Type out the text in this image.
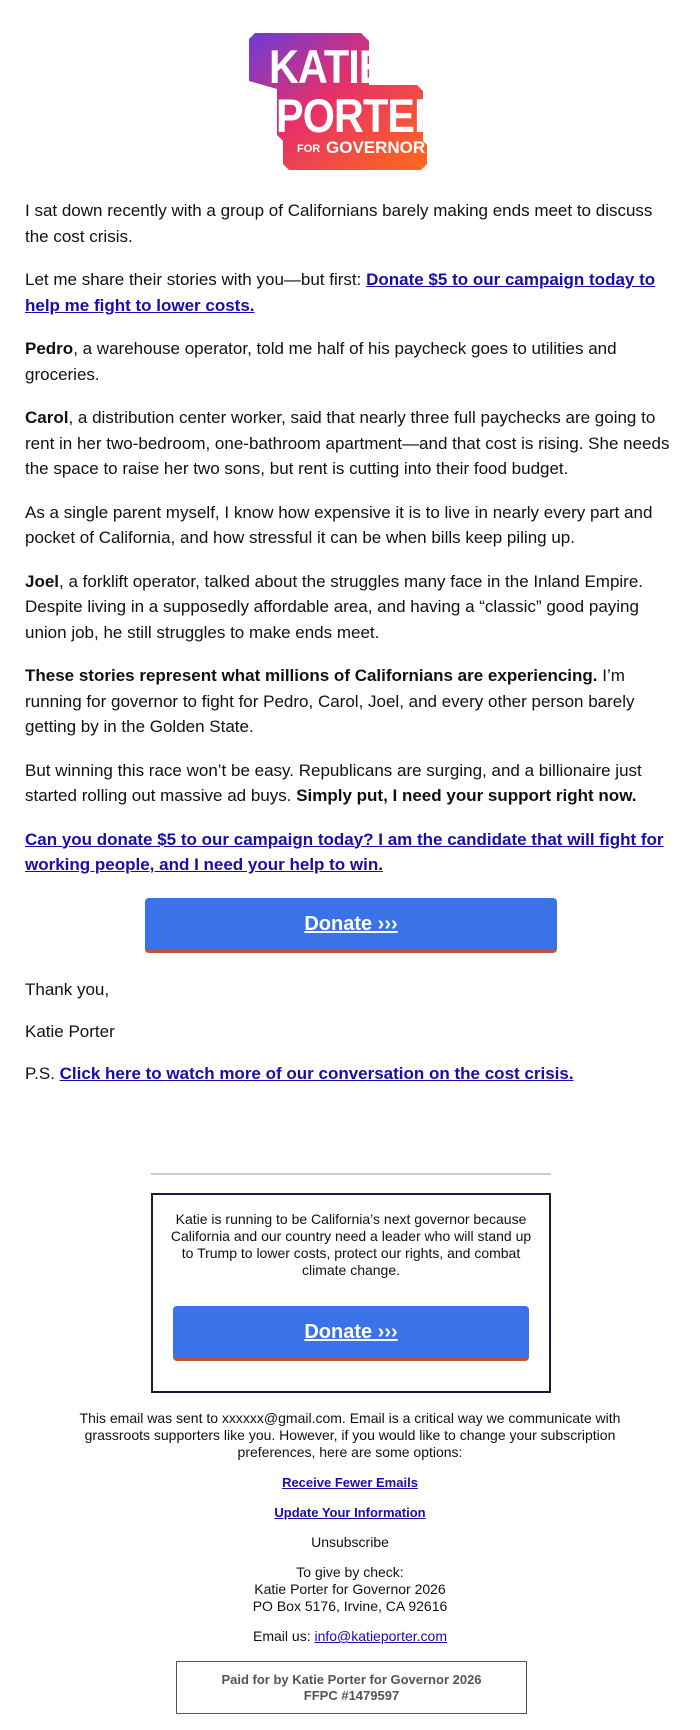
KATIE
PORTER
FOR GOVERNOR

I sat down recently with a group of Californians barely making ends meet to discuss the cost crisis.

Let me share their stories with you—but first: Donate $5 to our campaign today to help me fight to lower costs.

Pedro, a warehouse operator, told me half of his paycheck goes to utilities and groceries.

Carol, a distribution center worker, said that nearly three full paychecks are going to rent in her two-bedroom, one-bathroom apartment—and that cost is rising. She needs the space to raise her two sons, but rent is cutting into their food budget.

As a single parent myself, I know how expensive it is to live in nearly every part and pocket of California, and how stressful it can be when bills keep piling up.

Joel, a forklift operator, talked about the struggles many face in the Inland Empire. Despite living in a supposedly affordable area, and having a “classic” good paying union job, he still struggles to make ends meet.

These stories represent what millions of Californians are experiencing. I’m running for governor to fight for Pedro, Carol, Joel, and every other person barely getting by in the Golden State.

But winning this race won’t be easy. Republicans are surging, and a billionaire just started rolling out massive ad buys. Simply put, I need your support right now.

Can you donate $5 to our campaign today? I am the candidate that will fight for working people, and I need your help to win.

Donate ›››

Thank you,

Katie Porter

P.S. Click here to watch more of our conversation on the cost crisis.

Katie is running to be California’s next governor because California and our country need a leader who will stand up to Trump to lower costs, protect our rights, and combat climate change.
Donate ›››

This email was sent to xxxxxx@gmail.com. Email is a critical way we communicate with grassroots supporters like you. However, if you would like to change your subscription preferences, here are some options:

Receive Fewer Emails

Update Your Information

Unsubscribe

To give by check:
Katie Porter for Governor 2026
PO Box 5176, Irvine, CA 92616

Email us: info@katieporter.com

Paid for by Katie Porter for Governor 2026
FFPC #1479597
